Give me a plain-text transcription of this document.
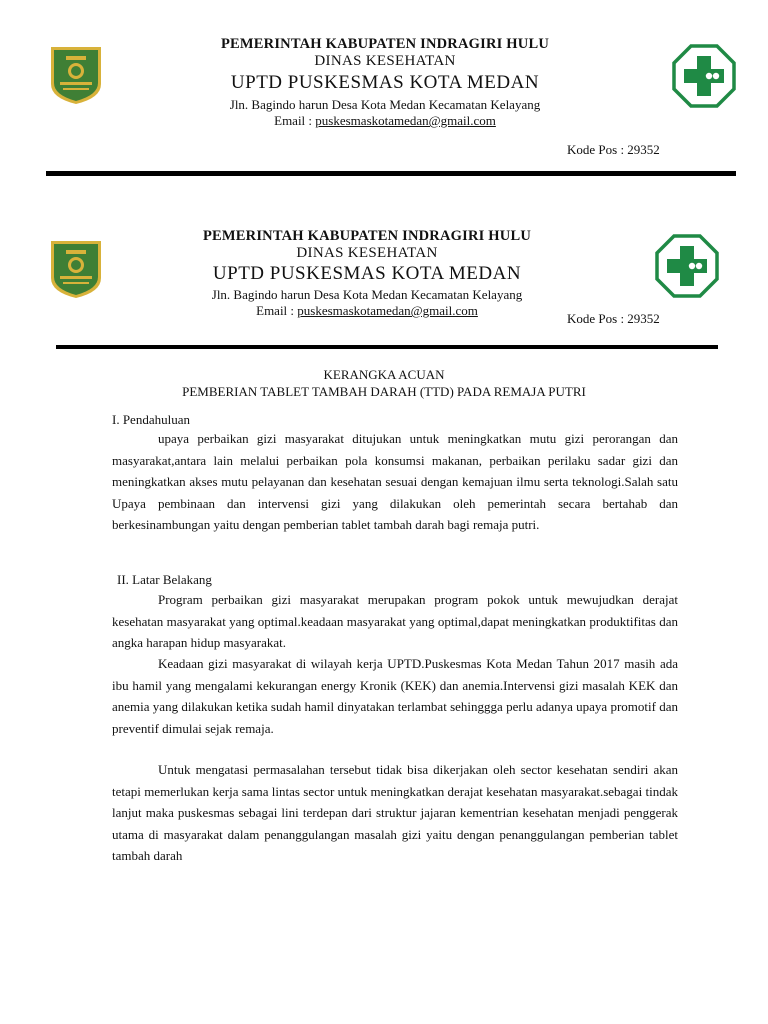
PEMERINTAH KABUPATEN INDRAGIRI HULU
DINAS KESEHATAN
UPTD PUSKESMAS KOTA MEDAN
Jln. Bagindo harun Desa Kota Medan Kecamatan Kelayang
Email : puskesmaskotamedan@gmail.com
Kode Pos : 29352
PEMERINTAH KABUPATEN INDRAGIRI HULU
DINAS KESEHATAN
UPTD PUSKESMAS KOTA MEDAN
Jln. Bagindo harun Desa Kota Medan Kecamatan Kelayang
Email : puskesmaskotamedan@gmail.com
Kode Pos : 29352
KERANGKA ACUAN
PEMBERIAN TABLET TAMBAH DARAH (TTD) PADA REMAJA PUTRI
I. Pendahuluan

upaya perbaikan gizi masyarakat ditujukan untuk meningkatkan mutu gizi perorangan dan masyarakat,antara lain melalui perbaikan pola konsumsi makanan, perbaikan perilaku sadar gizi dan meningkatkan akses mutu pelayanan dan kesehatan sesuai dengan kemajuan ilmu serta teknologi.Salah satu Upaya pembinaan dan intervensi gizi yang dilakukan oleh pemerintah secara bertahab dan berkesinambungan yaitu dengan pemberian tablet tambah darah bagi remaja putri.

II. Latar Belakang

Program perbaikan gizi masyarakat merupakan program pokok untuk mewujudkan derajat kesehatan masyarakat yang optimal.keadaan masyarakat yang optimal,dapat meningkatkan produktifitas dan angka harapan hidup masyarakat.

Keadaan gizi masyarakat di wilayah kerja UPTD.Puskesmas Kota Medan Tahun 2017 masih ada ibu hamil yang mengalami kekurangan energy Kronik (KEK) dan anemia.Intervensi gizi masalah KEK dan anemia yang dilakukan ketika sudah hamil dinyatakan terlambat sehinggga perlu adanya upaya promotif dan preventif dimulai sejak remaja.

Untuk mengatasi permasalahan tersebut tidak bisa dikerjakan oleh sector kesehatan sendiri akan tetapi memerlukan kerja sama lintas sector untuk meningkatkan derajat kesehatan masyarakat.sebagai tindak lanjut maka puskesmas sebagai lini terdepan dari struktur jajaran kementrian kesehatan menjadi penggerak utama di masyarakat dalam penanggulangan masalah gizi yaitu dengan penanggulangan pemberian tablet tambah darah
